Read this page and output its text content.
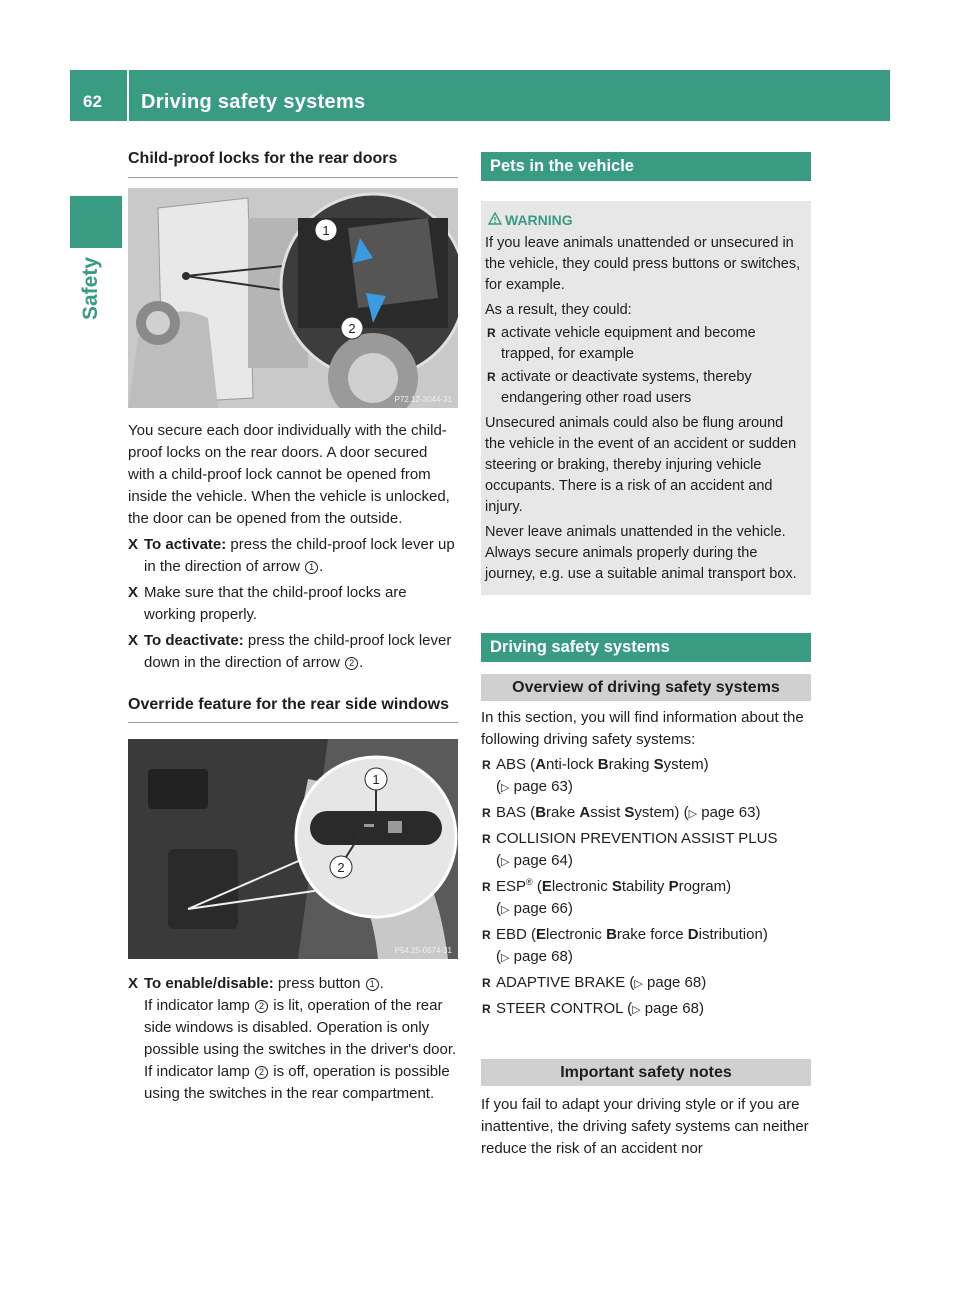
62 Driving safety systems
Safety
Child-proof locks for the rear doors
1
2
P72.12-3044-31
You secure each door individually with the child-proof locks on the rear doors. A door secured with a child-proof lock cannot be opened from inside the vehicle. When the vehicle is unlocked, the door can be opened from the outside.
X To activate: press the child-proof lock lever up in the direction of arrow 1 .
X Make sure that the child-proof locks are working properly.
X To deactivate: press the child-proof lock lever down in the direction of arrow 2 .
Override feature for the rear side windows
1
2
P54.25-0674-31
X To enable/disable: press button 1 .
If indicator lamp 2 is lit, operation of the rear side windows is disabled. Operation is only possible using the switches in the driver's door. If indicator lamp 2 is off, operation is possible using the switches in the rear compartment.
Pets in the vehicle
WARNING

If you leave animals unattended or unsecured in the vehicle, they could press buttons or switches, for example.

As a result, they could:

R activate vehicle equipment and become trapped, for example
R activate or deactivate systems, thereby endangering other road users

Unsecured animals could also be flung around the vehicle in the event of an accident or sudden steering or braking, thereby injuring vehicle occupants. There is a risk of an accident and injury.

Never leave animals unattended in the vehicle. Always secure animals properly during the journey, e.g. use a suitable animal transport box.

Driving safety systems
Overview of driving safety systems
In this section, you will find information about the following driving safety systems:
R ABS (Anti-lock Braking System)
(▷ page 63)
R BAS (Brake Assist System) (▷ page 63)
R COLLISION PREVENTION ASSIST PLUS
(▷ page 64)
R ESP® (Electronic Stability Program)
(▷ page 66)
R EBD (Electronic Brake force Distribution)
(▷ page 68)
R ADAPTIVE BRAKE (▷ page 68)
R STEER CONTROL (▷ page 68)
Important safety notes
If you fail to adapt your driving style or if you are inattentive, the driving safety systems can neither reduce the risk of an accident nor
